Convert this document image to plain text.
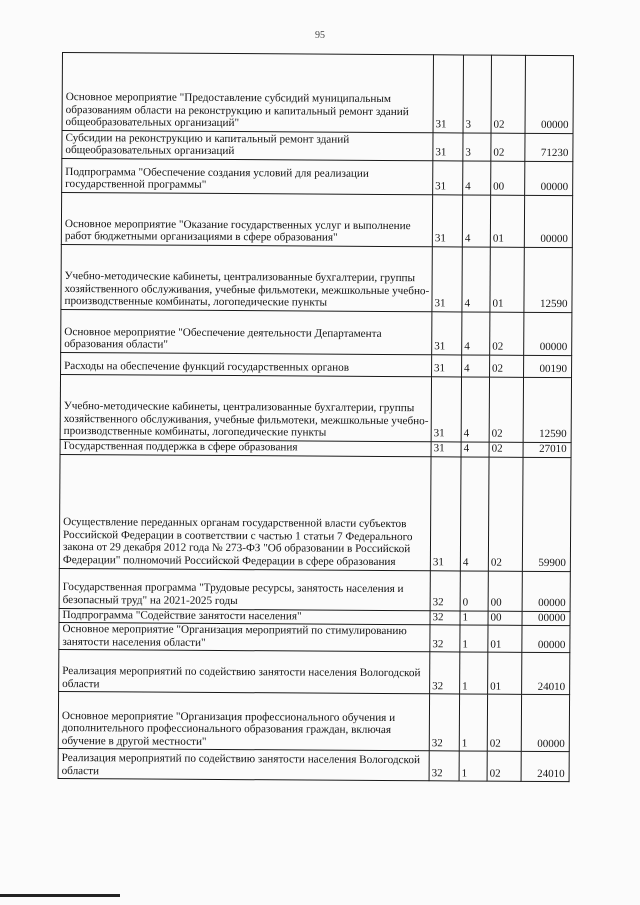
95
Основное мероприятие "Предоставление субсидий муниципальным образованиям области на реконструкцию и капитальный ремонт зданий общеобразовательных организаций"	31	3	02	00000
Субсидии на реконструкцию и капитальный ремонт зданий общеобразовательных организаций	31	3	02	71230
Подпрограмма "Обеспечение создания условий для реализации государственной программы"	31	4	00	00000
Основное мероприятие "Оказание государственных услуг и выполнение работ бюджетными организациями в сфере образования"	31	4	01	00000
Учебно-методические кабинеты, централизованные бухгалтерии, группы хозяйственного обслуживания, учебные фильмотеки, межшкольные учебно-производственные комбинаты, логопедические пункты	31	4	01	12590
Основное мероприятие "Обеспечение деятельности Департамента образования области"	31	4	02	00000
Расходы на обеспечение функций государственных органов	31	4	02	00190
Учебно-методические кабинеты, централизованные бухгалтерии, группы хозяйственного обслуживания, учебные фильмотеки, межшкольные учебно-производственные комбинаты, логопедические пункты	31	4	02	12590
Государственная поддержка в сфере образования	31	4	02	27010
Осуществление переданных органам государственной власти субъектов Российской Федерации в соответствии с частью 1 статьи 7 Федерального закона от 29 декабря 2012 года № 273-ФЗ "Об образовании в Российской Федерации" полномочий Российской Федерации в сфере образования	31	4	02	59900
Государственная программа "Трудовые ресурсы, занятость населения и безопасный труд" на 2021-2025 годы	32	0	00	00000
Подпрограмма "Содействие занятости населения"	32	1	00	00000
Основное мероприятие "Организация мероприятий по стимулированию занятости населения области"	32	1	01	00000
Реализация мероприятий по содействию занятости населения Вологодской области	32	1	01	24010
Основное мероприятие "Организация профессионального обучения и дополнительного профессионального образования граждан, включая обучение в другой местности"	32	1	02	00000
Реализация мероприятий по содействию занятости населения Вологодской области	32	1	02	24010
